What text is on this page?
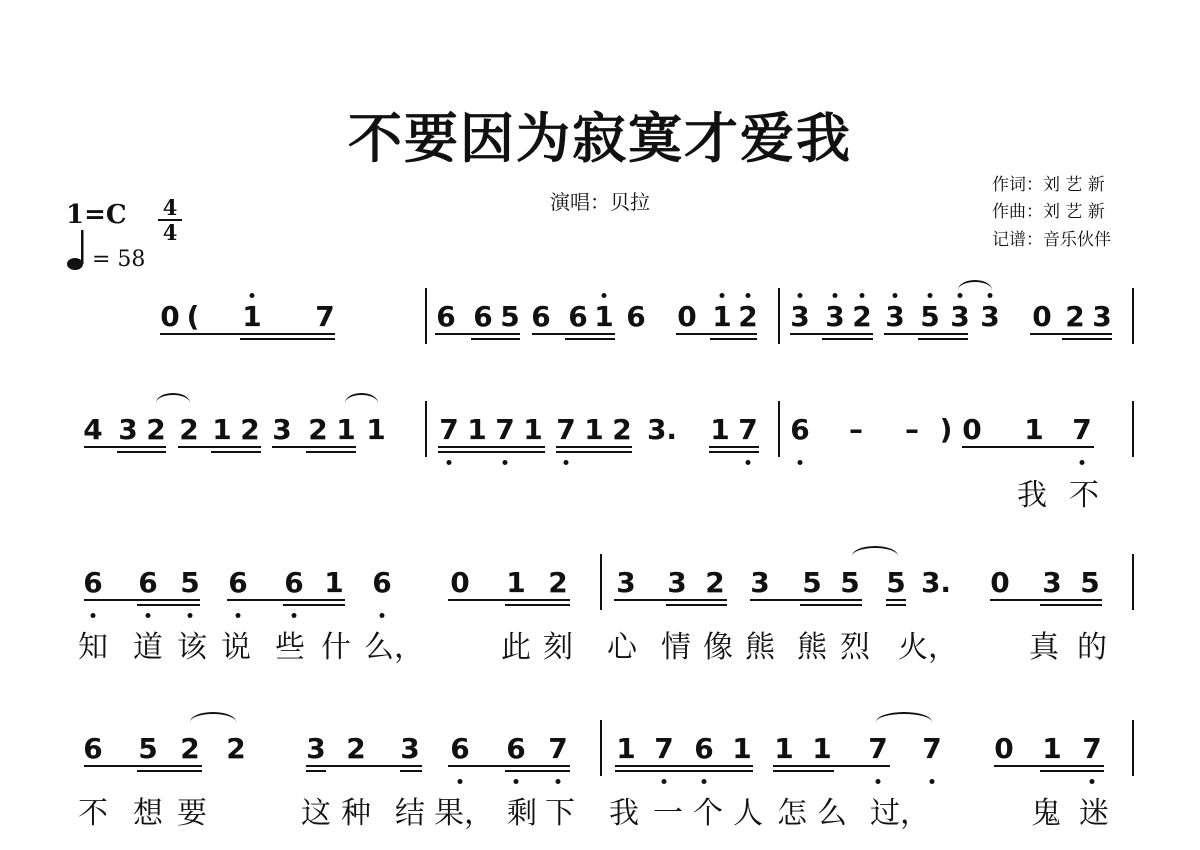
不要因为寂寞才爱我
演唱：贝拉
作词：刘 艺 新
作曲：刘 艺 新
记谱：音乐伙伴
1=C 4
4
= 58
0 ( 1 7	6 6 5 6 6 1 6 0 1 2 3 3 2 3 5 3 3 0 2 3
4 3 2 2 1 2 3 2 1 1 7 1 7 1 7 1 2 3. 1 7 6 – – ) 0 1 7
我 不
6 6 5 6 6 1 6 0 1 2 3 3 2 3 5 5 5 3. 0 3 5
知 道 该 说 些 什 么，	此 刻 心 情 像 熊 熊 烈 火， 真 的
6 5 2 2 3 2 3 6 6 7 1 7 6 1 1 1 7 7 0 1 7
不 想 要	这 种 结 果， 剩 下 我 一 个 人 怎 么 过，	鬼 迷
